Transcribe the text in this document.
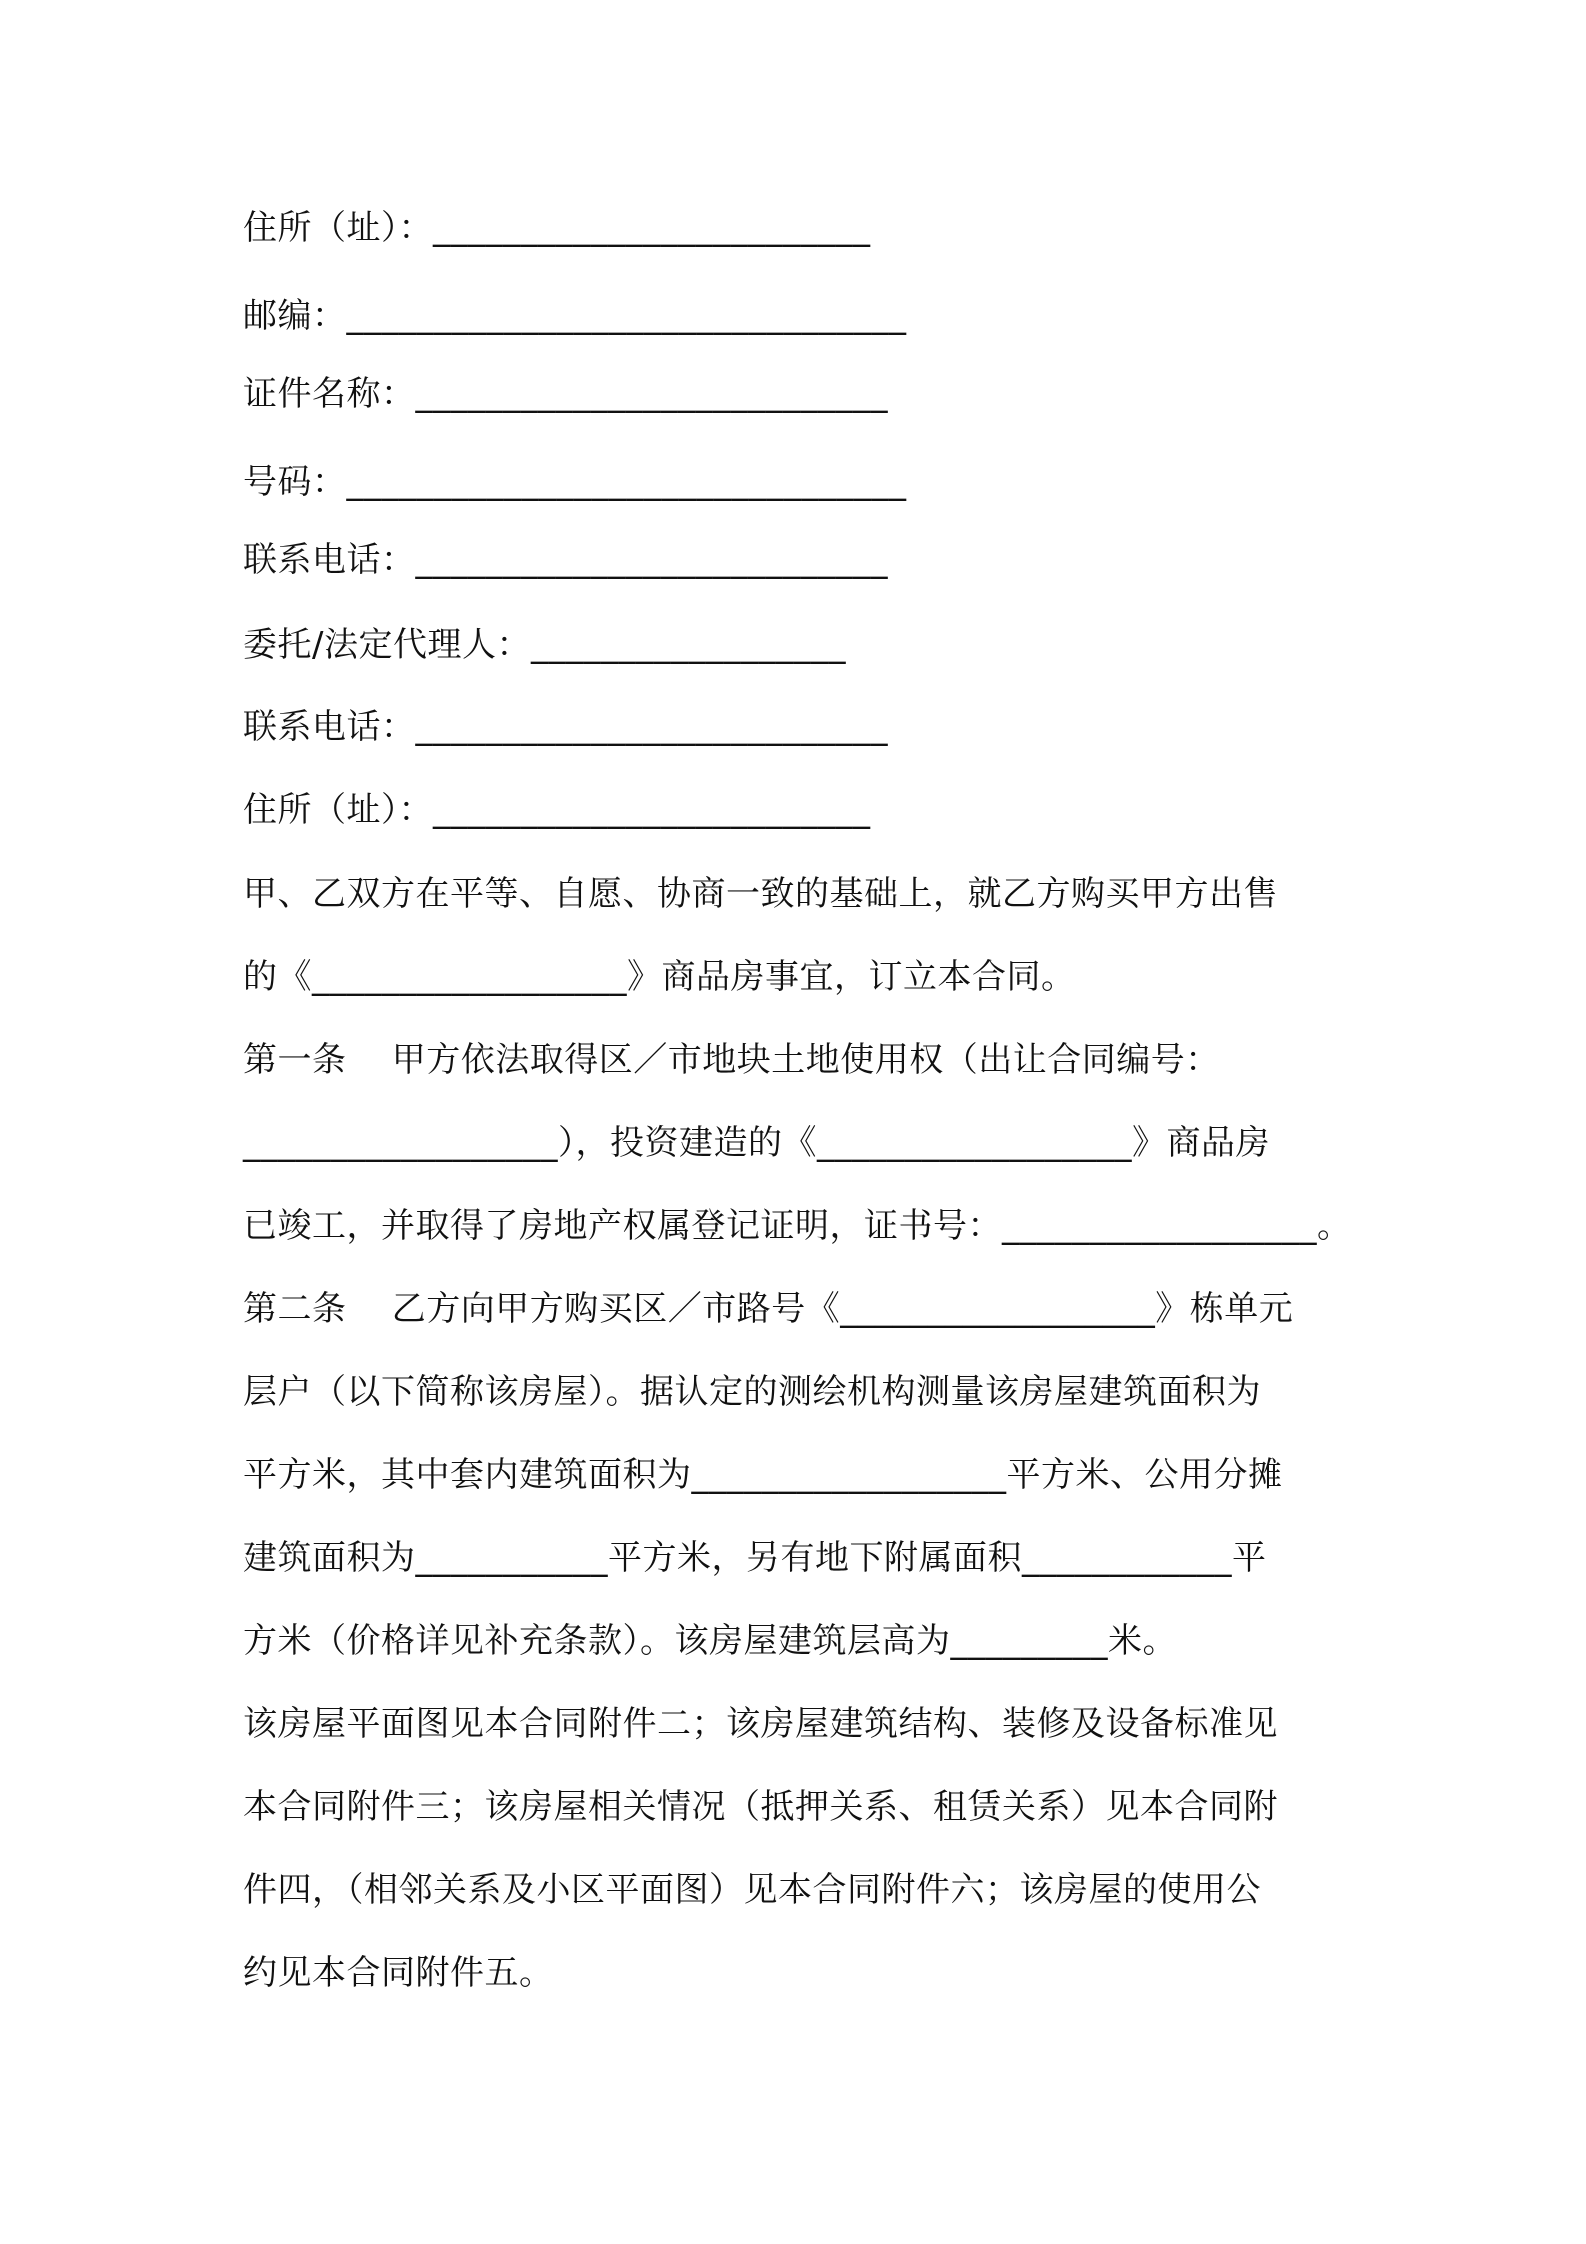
住所（址）：_________________________
邮编：________________________________
证件名称：___________________________
号码：________________________________
联系电话：___________________________
委托/法定代理人：__________________
联系电话：___________________________
住所（址）：_________________________
甲、乙双方在平等、自愿、协商一致的基础上，就乙方购买甲方出售
的《__________________》商品房事宜，订立本合同。
第一条    甲方依法取得区／市地块土地使用权（出让合同编号：
__________________），投资建造的《__________________》商品房
已竣工，并取得了房地产权属登记证明，证书号：__________________。
第二条    乙方向甲方购买区／市路号《__________________》栋单元
层户（以下简称该房屋）。据认定的测绘机构测量该房屋建筑面积为
平方米，其中套内建筑面积为__________________平方米、公用分摊
建筑面积为___________平方米，另有地下附属面积____________平
方米（价格详见补充条款）。该房屋建筑层高为_________米。
该房屋平面图见本合同附件二；该房屋建筑结构、装修及设备标准见
本合同附件三；该房屋相关情况（抵押关系、租赁关系）见本合同附
件四，（相邻关系及小区平面图）见本合同附件六；该房屋的使用公
约见本合同附件五。
